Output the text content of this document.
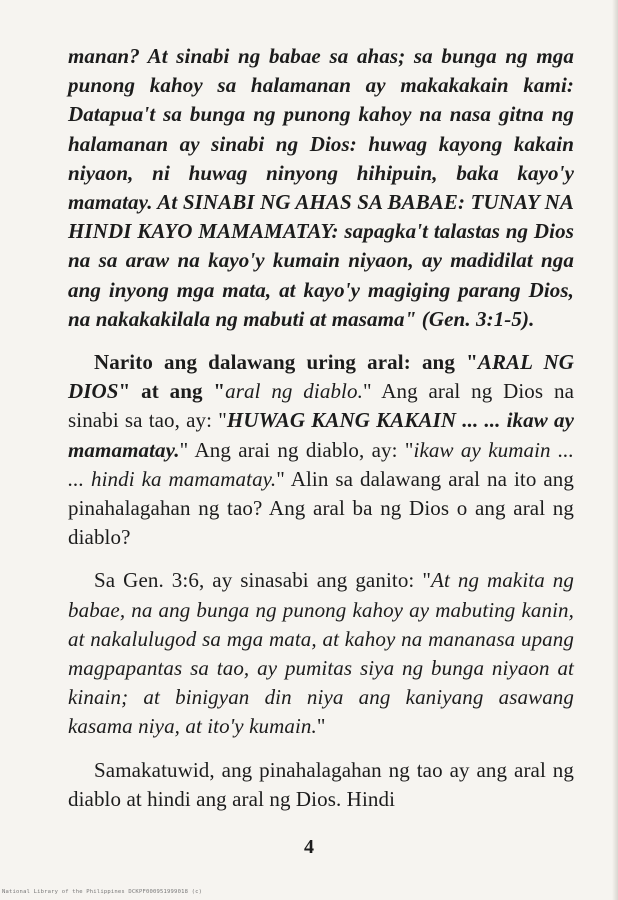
manan? At sinabi ng babae sa ahas; sa bunga ng mga punong kahoy sa halamanan ay makakakain kami: Datapua't sa bunga ng punong kahoy na nasa gitna ng halamanan ay sinabi ng Dios: huwag kayong kakain niyaon, ni huwag ninyong hihipuin, baka kayo'y mamatay. At SINABI NG AHAS SA BABAE: TUNAY NA HINDI KAYO MAMAMATAY: sapagka't talastas ng Dios na sa araw na kayo'y kumain niyaon, ay madidilat nga ang inyong mga mata, at kayo'y magiging parang Dios, na nakakakilala ng mabuti at masama" (Gen. 3:1-5).

Narito ang dalawang uring aral: ang "ARAL NG DIOS" at ang "aral ng diablo." Ang aral ng Dios na sinabi sa tao, ay: "HUWAG KANG KAKAIN ... ... ikaw ay mamamatay." Ang arai ng diablo, ay: "ikaw ay kumain ... ... hindi ka mamamatay." Alin sa dalawang aral na ito ang pinahalagahan ng tao? Ang aral ba ng Dios o ang aral ng diablo?

Sa Gen. 3:6, ay sinasabi ang ganito: "At ng makita ng babae, na ang bunga ng punong kahoy ay mabuting kanin, at nakalulugod sa mga mata, at kahoy na mananasa upang magpapantas sa tao, ay pumitas siya ng bunga niyaon at kinain; at binigyan din niya ang kaniyang asawang kasama niya, at ito'y kumain."

Samakatuwid, ang pinahalagahan ng tao ay ang aral ng diablo at hindi ang aral ng Dios. Hindi

4
National Library of the Philippines DCKPF000951999018 (c)
